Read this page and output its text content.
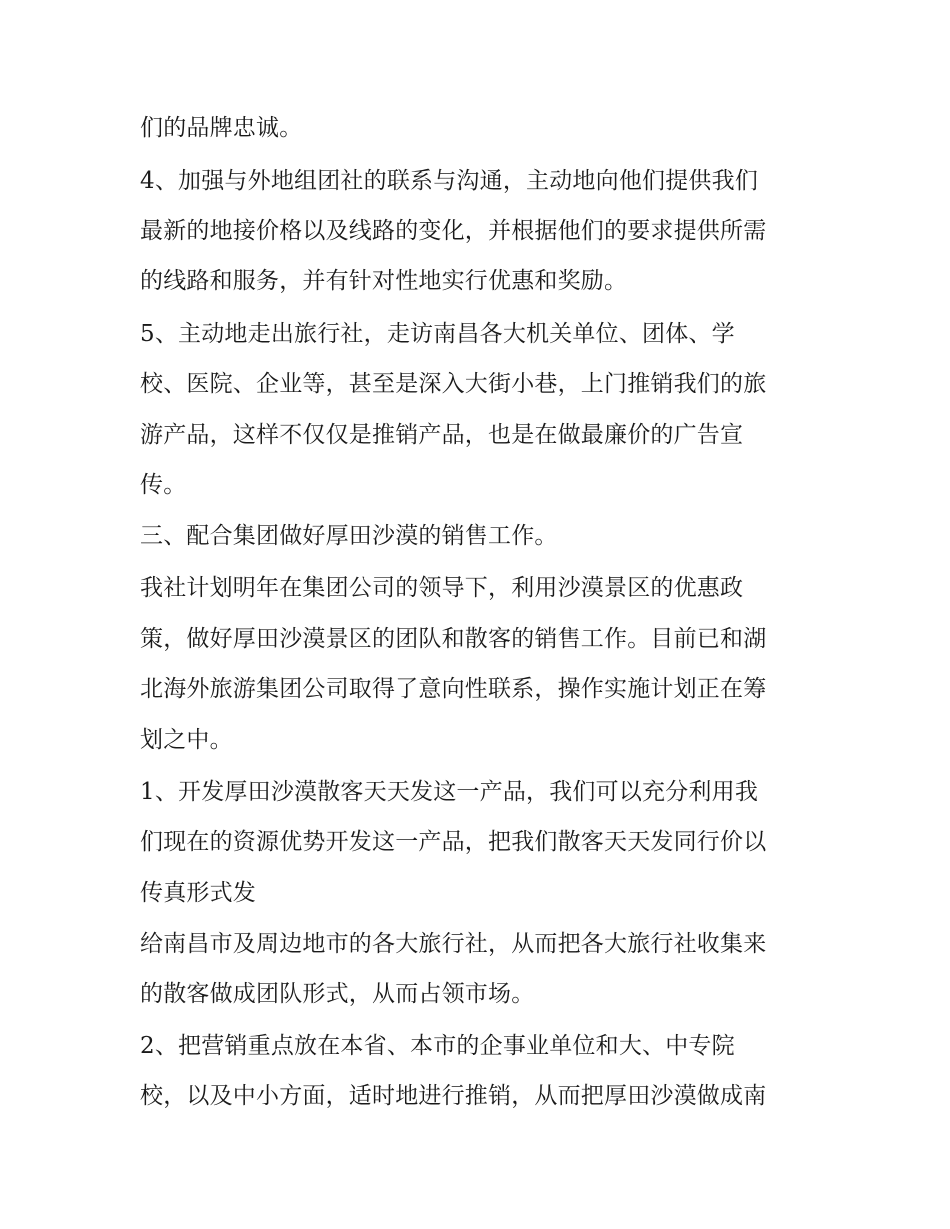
们的品牌忠诚。

4、加强与外地组团社的联系与沟通，主动地向他们提供我们

最新的地接价格以及线路的变化，并根据他们的要求提供所需

的线路和服务，并有针对性地实行优惠和奖励。

5、主动地走出旅行社，走访南昌各大机关单位、团体、学

校、医院、企业等，甚至是深入大街小巷，上门推销我们的旅

游产品，这样不仅仅是推销产品，也是在做最廉价的广告宣

传。

三、配合集团做好厚田沙漠的销售工作。

我社计划明年在集团公司的领导下，利用沙漠景区的优惠政

策，做好厚田沙漠景区的团队和散客的销售工作。目前已和湖

北海外旅游集团公司取得了意向性联系，操作实施计划正在筹

划之中。

1、开发厚田沙漠散客天天发这一产品，我们可以充分利用我

们现在的资源优势开发这一产品，把我们散客天天发同行价以

传真形式发

给南昌市及周边地市的各大旅行社，从而把各大旅行社收集来

的散客做成团队形式，从而占领市场。

2、把营销重点放在本省、本市的企事业单位和大、中专院

校，以及中小方面，适时地进行推销，从而把厚田沙漠做成南
